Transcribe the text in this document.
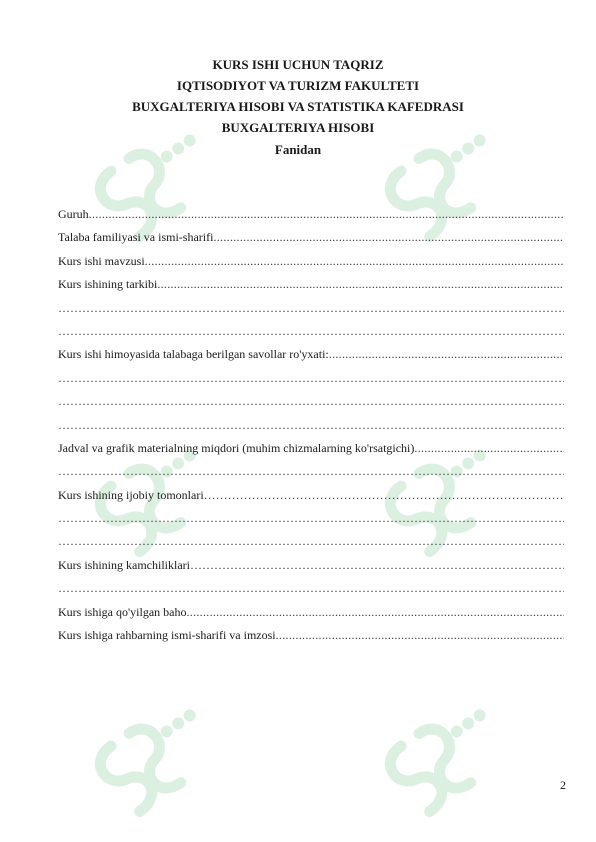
KURS ISHI UCHUN TAQRIZ
IQTISODIYOT VA TURIZM FAKULTETI
BUXGALTERIYA HISOBI VA STATISTIKA KAFEDRASI
BUXGALTERIYA HISOBI
Fanidan
Guruh
.....
Talaba familiyasi va ismi-sharifi
.....
Kurs ishi mavzusi
.....
Kurs ishining tarkibi
.....
………………………………………………………………………………………………………………………………………………………………………………………………
………………………………………………………………………………………………………………………………………………………………………………………………
Kurs ishi himoyasida talabaga berilgan savollar ro'yxati:
.....
………………………………………………………………………………………………………………………………………………………………………………………………
………………………………………………………………………………………………………………………………………………………………………………………………
………………………………………………………………………………………………………………………………………………………………………………………………
Jadval va grafik materialning miqdori (muhim chizmalarning ko'rsatgichi)
.....
………………………………………………………………………………………………………………………………………………………………………………………………
Kurs ishining ijobiy tomonlari
………………………………………………………………………………………………………………………………………………………………………………………………
………………………………………………………………………………………………………………………………………………………………………………………………
………………………………………………………………………………………………………………………………………………………………………………………………
Kurs ishining kamchiliklari
………………………………………………………………………………………………………………………………………………………………………………………………
………………………………………………………………………………………………………………………………………………………………………………………………
Kurs ishiga qo'yilgan baho
.....
Kurs ishiga rahbarning ismi-sharifi va imzosi
.....
2
